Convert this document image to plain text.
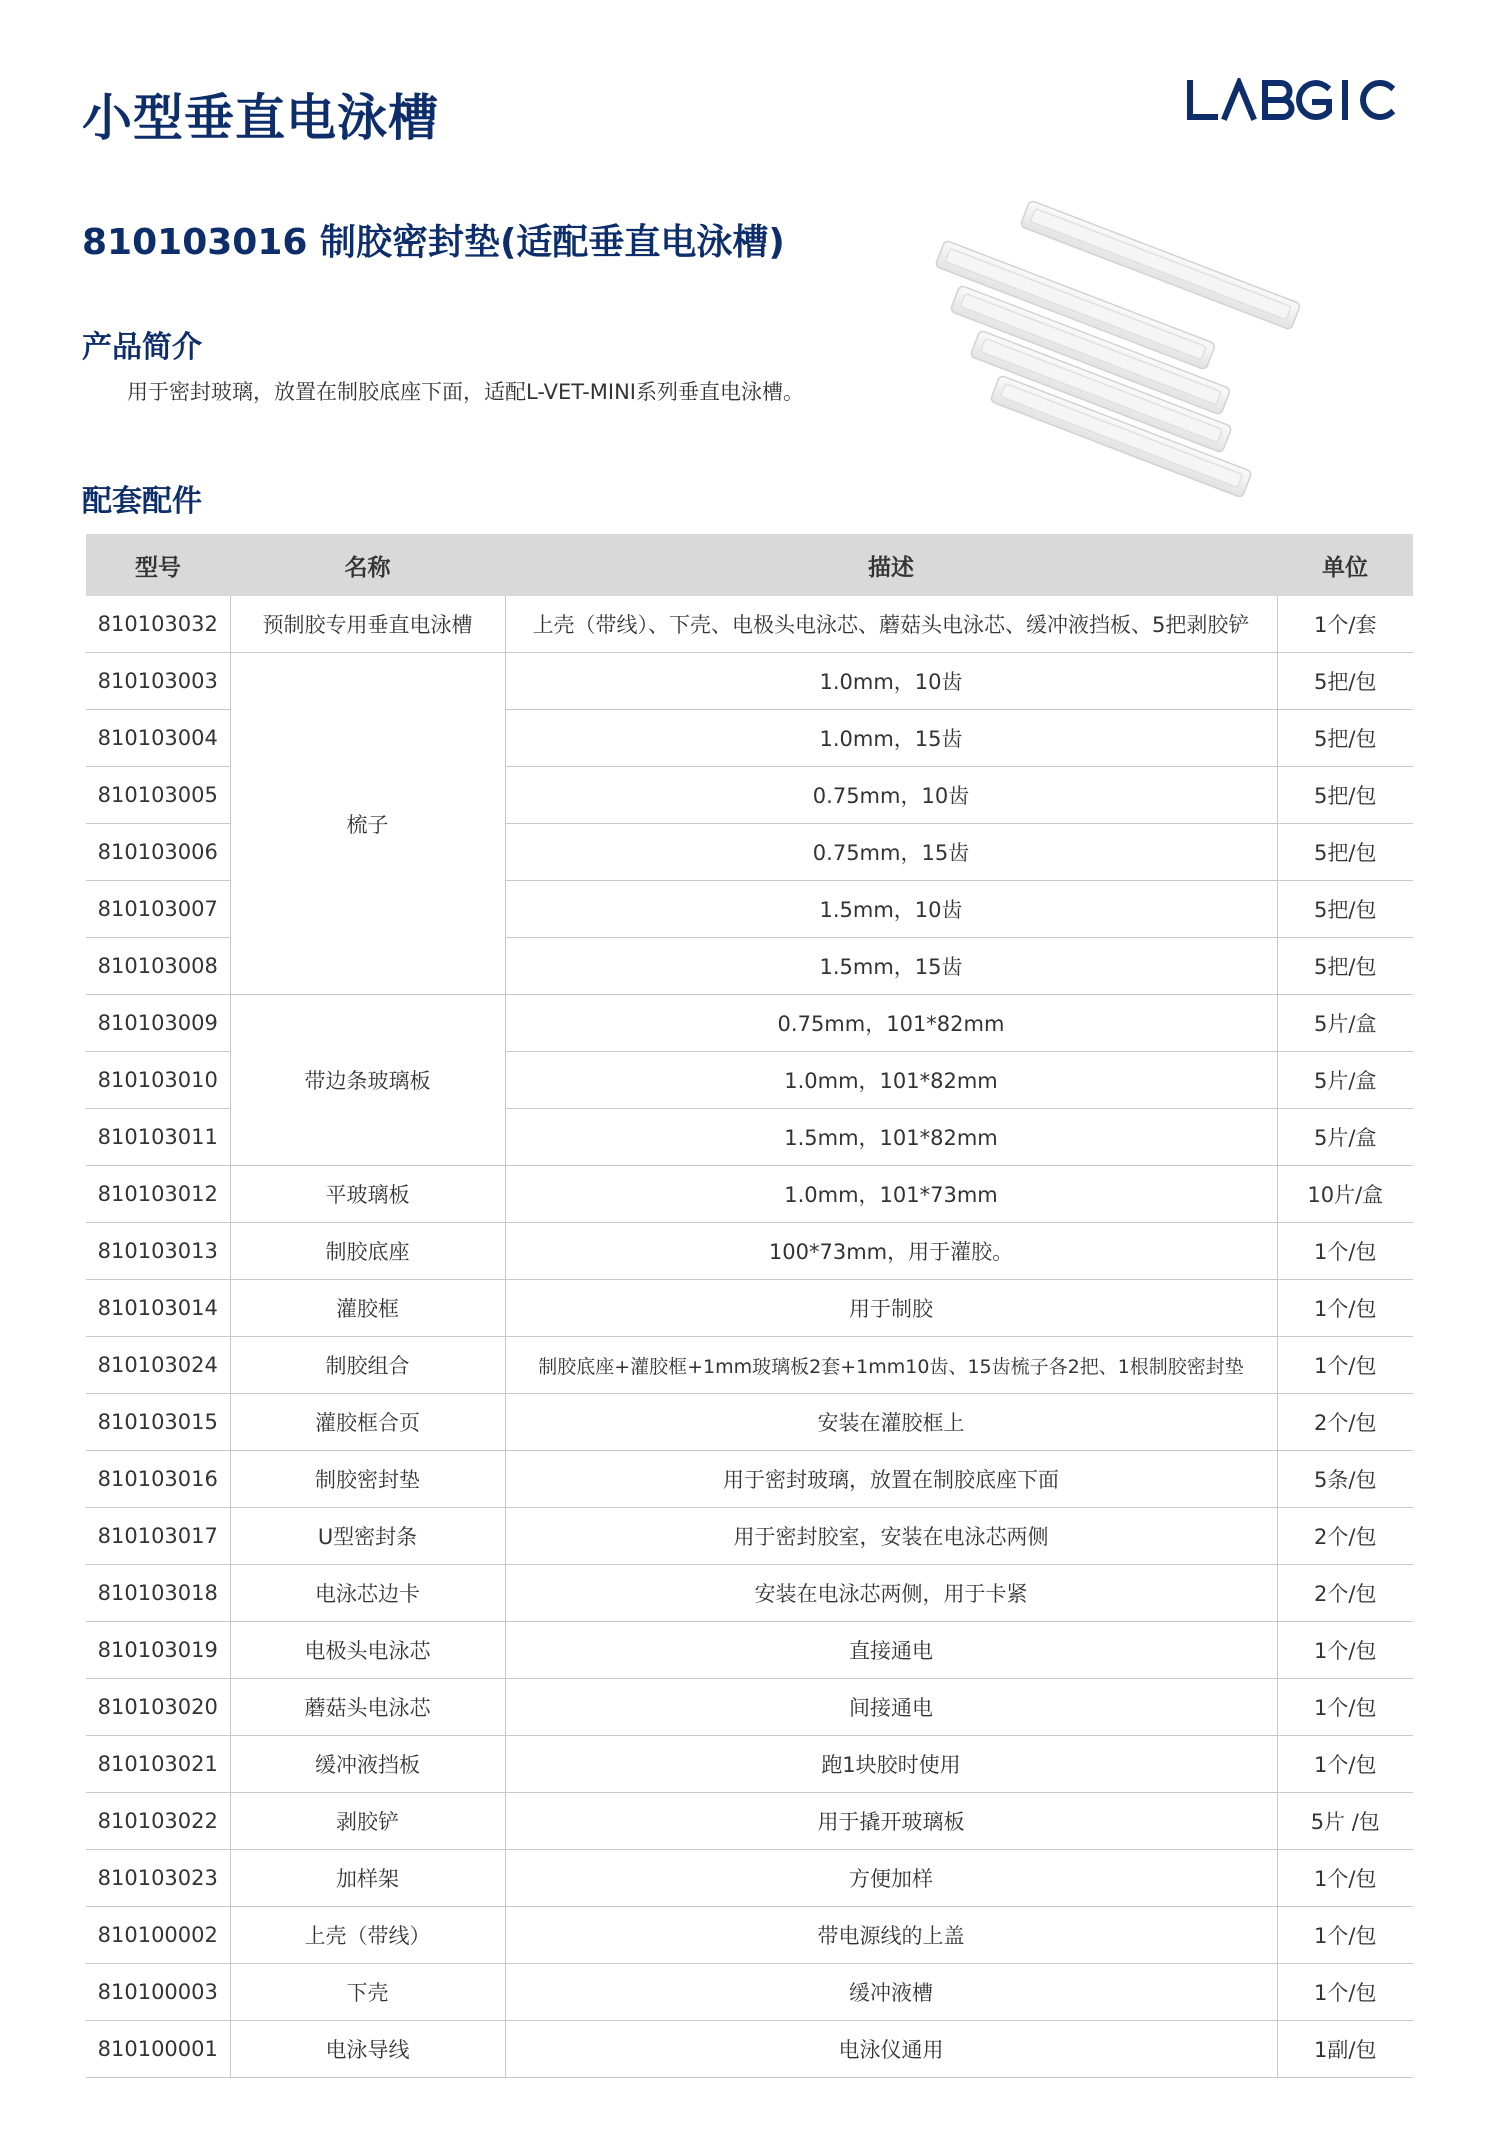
小型垂直电泳槽
810103016 制胶密封垫(适配垂直电泳槽)
产品简介
用于密封玻璃，放置在制胶底座下面，适配L-VET-MINI系列垂直电泳槽。
配套配件
型号	名称	描述	单位
810103032	预制胶专用垂直电泳槽	上壳（带线）、下壳、电极头电泳芯、蘑菇头电泳芯、缓冲液挡板、5把剥胶铲	1个/套
810103003	梳子	1.0mm，10齿	5把/包
810103004		1.0mm，15齿	5把/包
810103005		0.75mm，10齿	5把/包
810103006		0.75mm，15齿	5把/包
810103007		1.5mm，10齿	5把/包
810103008		1.5mm，15齿	5把/包
810103009	带边条玻璃板	0.75mm，101*82mm	5片/盒
810103010		1.0mm，101*82mm	5片/盒
810103011		1.5mm，101*82mm	5片/盒
810103012	平玻璃板	1.0mm，101*73mm	10片/盒
810103013	制胶底座	100*73mm，用于灌胶。	1个/包
810103014	灌胶框	用于制胶	1个/包
810103024	制胶组合	制胶底座+灌胶框+1mm玻璃板2套+1mm10齿、15齿梳子各2把、1根制胶密封垫	1个/包
810103015	灌胶框合页	安装在灌胶框上	2个/包
810103016	制胶密封垫	用于密封玻璃，放置在制胶底座下面	5条/包
810103017	U型密封条	用于密封胶室，安装在电泳芯两侧	2个/包
810103018	电泳芯边卡	安装在电泳芯两侧，用于卡紧	2个/包
810103019	电极头电泳芯	直接通电	1个/包
810103020	蘑菇头电泳芯	间接通电	1个/包
810103021	缓冲液挡板	跑1块胶时使用	1个/包
810103022	剥胶铲	用于撬开玻璃板	5片 /包
810103023	加样架	方便加样	1个/包
810100002	上壳（带线）	带电源线的上盖	1个/包
810100003	下壳	缓冲液槽	1个/包
810100001	电泳导线	电泳仪通用	1副/包
